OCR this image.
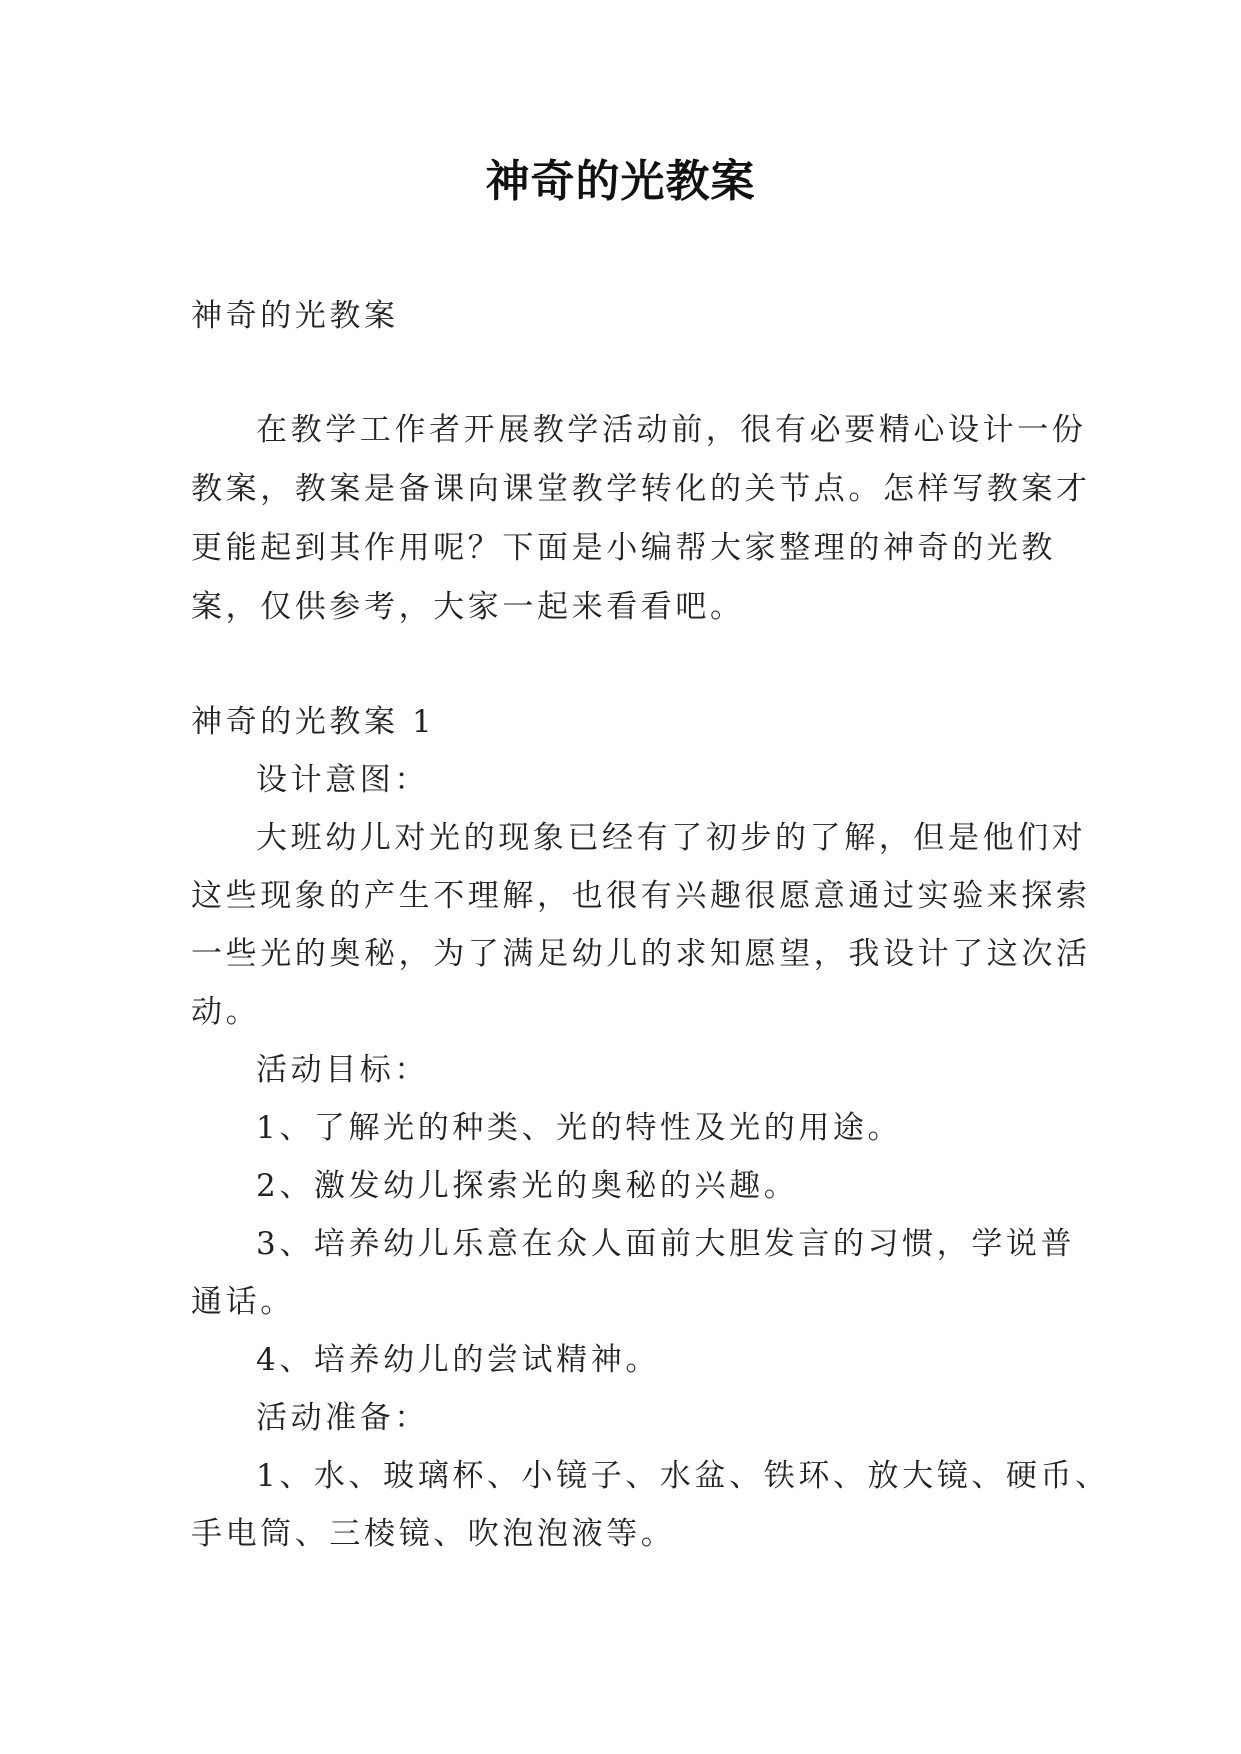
神奇的光教案
神奇的光教案
在教学工作者开展教学活动前，很有必要精心设计一份
教案，教案是备课向课堂教学转化的关节点。怎样写教案才
更能起到其作用呢？下面是小编帮大家整理的神奇的光教
案，仅供参考，大家一起来看看吧。
神奇的光教案 1
设计意图：
大班幼儿对光的现象已经有了初步的了解，但是他们对
这些现象的产生不理解，也很有兴趣很愿意通过实验来探索
一些光的奥秘，为了满足幼儿的求知愿望，我设计了这次活
动。
活动目标：
1、了解光的种类、光的特性及光的用途。
2、激发幼儿探索光的奥秘的兴趣。
3、培养幼儿乐意在众人面前大胆发言的习惯，学说普
通话。
4、培养幼儿的尝试精神。
活动准备：
1、水、玻璃杯、小镜子、水盆、铁环、放大镜、硬币、
手电筒、三棱镜、吹泡泡液等。
